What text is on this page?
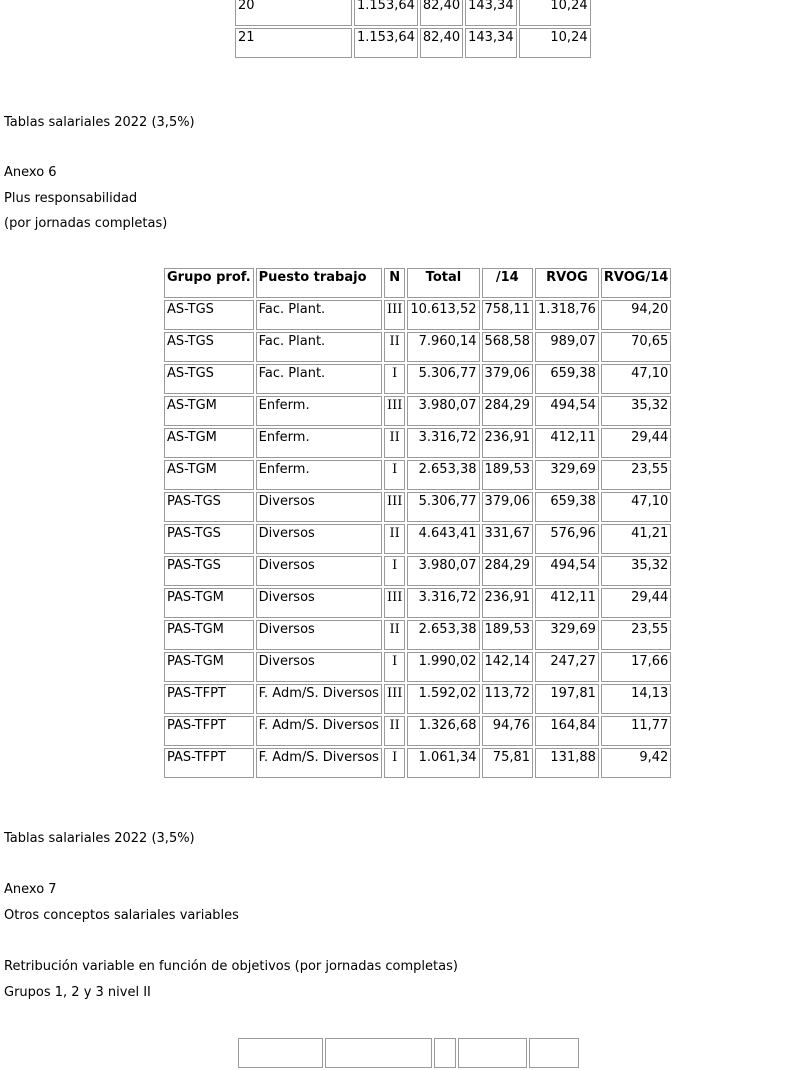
20	1.153,64	82,40	143,34	10,24
21	1.153,64	82,40	143,34	10,24

Tablas salariales 2022 (3,5%)

Anexo 6

Plus responsabilidad

(por jornadas completas)

Grupo prof.	Puesto trabajo	N	Total	/14	RVOG	RVOG/14
AS-TGS	Fac. Plant.	III	10.613,52	758,11	1.318,76	94,20
AS-TGS	Fac. Plant.	II	7.960,14	568,58	989,07	70,65
AS-TGS	Fac. Plant.	I	5.306,77	379,06	659,38	47,10
AS-TGM	Enferm.	III	3.980,07	284,29	494,54	35,32
AS-TGM	Enferm.	II	3.316,72	236,91	412,11	29,44
AS-TGM	Enferm.	I	2.653,38	189,53	329,69	23,55
PAS-TGS	Diversos	III	5.306,77	379,06	659,38	47,10
PAS-TGS	Diversos	II	4.643,41	331,67	576,96	41,21
PAS-TGS	Diversos	I	3.980,07	284,29	494,54	35,32
PAS-TGM	Diversos	III	3.316,72	236,91	412,11	29,44
PAS-TGM	Diversos	II	2.653,38	189,53	329,69	23,55
PAS-TGM	Diversos	I	1.990,02	142,14	247,27	17,66
PAS-TFPT	F. Adm/S. Diversos	III	1.592,02	113,72	197,81	14,13
PAS-TFPT	F. Adm/S. Diversos	II	1.326,68	94,76	164,84	11,77
PAS-TFPT	F. Adm/S. Diversos	I	1.061,34	75,81	131,88	9,42

Tablas salariales 2022 (3,5%)

Anexo 7

Otros conceptos salariales variables

Retribución variable en función de objetivos (por jornadas completas)

Grupos 1, 2 y 3 nivel II
